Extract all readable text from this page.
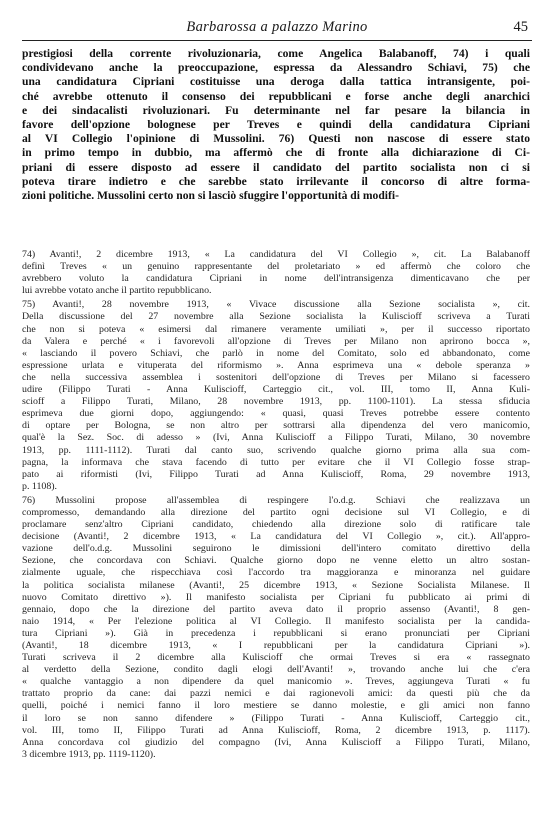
Barbarossa a palazzo Marino	45
prestigiosi della corrente rivoluzionaria, come Angelica Balabanoff, 74) i quali
condividevano anche la preoccupazione, espressa da Alessandro Schiavi, 75) che
una candidatura Cipriani costituisse una deroga dalla tattica intransigente, poi-
ché avrebbe ottenuto il consenso dei repubblicani e forse anche degli anarchici
e dei sindacalisti rivoluzionari. Fu determinante nel far pesare la bilancia in
favore dell'opzione bolognese per Treves e quindi della candidatura Cipriani
al VI Collegio l'opinione di Mussolini. 76) Questi non nascose di essere stato
in primo tempo in dubbio, ma affermò che di fronte alla dichiarazione di Ci-
priani di essere disposto ad essere il candidato del partito socialista non ci si
poteva tirare indietro e che sarebbe stato irrilevante il concorso di altre forma-
zioni politiche. Mussolini certo non si lasciò sfuggire l'opportunità di modifi-
74) Avanti!, 2 dicembre 1913, « La candidatura del VI Collegio », cit. La Balabanoff
definì Treves « un genuino rappresentante del proletariato » ed affermò che coloro che
avrebbero voluto la candidatura Cipriani in nome dell'intransigenza dimenticavano che per
lui avrebbe votato anche il partito repubblicano.
75) Avanti!, 28 novembre 1913, « Vivace discussione alla Sezione socialista », cit.
Della discussione del 27 novembre alla Sezione socialista la Kuliscioff scriveva a Turati
che non si poteva « esimersi dal rimanere veramente umiliati », per il successo riportato
da Valera e perché « i favorevoli all'opzione di Treves per Milano non aprirono bocca »,
« lasciando il povero Schiavi, che parlò in nome del Comitato, solo ed abbandonato, come
espressione urlata e vituperata del riformismo ». Anna esprimeva una « debole speranza »
che nella successiva assemblea i sostenitori dell'opzione di Treves per Milano si facessero
udire (Filippo Turati - Anna Kuliscioff, Carteggio cit., vol. III, tomo II, Anna Kuli-
scioff a Filippo Turati, Milano, 28 novembre 1913, pp. 1100-1101). La stessa sfiducia
esprimeva due giorni dopo, aggiungendo: « quasi, quasi Treves potrebbe essere contento
di optare per Bologna, se non altro per sottrarsi alla dipendenza del vero manicomio,
qual'è la Sez. Soc. di adesso » (Ivi, Anna Kuliscioff a Filippo Turati, Milano, 30 novembre
1913, pp. 1111-1112). Turati dal canto suo, scrivendo qualche giorno prima alla sua com-
pagna, la informava che stava facendo di tutto per evitare che il VI Collegio fosse strap-
pato ai riformisti (Ivi, Filippo Turati ad Anna Kuliscioff, Roma, 29 novembre 1913,
p. 1108).
76) Mussolini propose all'assemblea di respingere l'o.d.g. Schiavi che realizzava un
compromesso, demandando alla direzione del partito ogni decisione sul VI Collegio, e di
proclamare senz'altro Cipriani candidato, chiedendo alla direzione solo di ratificare tale
decisione (Avanti!, 2 dicembre 1913, « La candidatura del VI Collegio », cit.). All'appro-
vazione dell'o.d.g. Mussolini seguirono le dimissioni dell'intero comitato direttivo della
Sezione, che concordava con Schiavi. Qualche giorno dopo ne venne eletto un altro sostan-
zialmente uguale, che rispecchiava così l'accordo tra maggioranza e minoranza nel guidare
la politica socialista milanese (Avanti!, 25 dicembre 1913, « Sezione Socialista Milanese. Il
nuovo Comitato direttivo »). Il manifesto socialista per Cipriani fu pubblicato ai primi di
gennaio, dopo che la direzione del partito aveva dato il proprio assenso (Avanti!, 8 gen-
naio 1914, « Per l'elezione politica al VI Collegio. Il manifesto socialista per la candida-
tura Cipriani »). Già in precedenza i repubblicani si erano pronunciati per Cipriani
(Avanti!, 18 dicembre 1913, « I repubblicani per la candidatura Cipriani »).
Turati scriveva il 2 dicembre alla Kuliscioff che ormai Treves si era « rassegnato
al verdetto della Sezione, condito dagli elogi dell'Avanti! », trovando anche lui che c'era
« qualche vantaggio a non dipendere da quel manicomio ». Treves, aggiungeva Turati « fu
trattato proprio da cane: dai pazzi nemici e dai ragionevoli amici: da questi più che da
quelli, poiché i nemici fanno il loro mestiere se danno molestie, e gli amici non fanno
il loro se non sanno difendere » (Filippo Turati - Anna Kuliscioff, Carteggio cit.,
vol. III, tomo II, Filippo Turati ad Anna Kuliscioff, Roma, 2 dicembre 1913, p. 1117).
Anna concordava col giudizio del compagno (Ivi, Anna Kuliscioff a Filippo Turati, Milano,
3 dicembre 1913, pp. 1119-1120).
